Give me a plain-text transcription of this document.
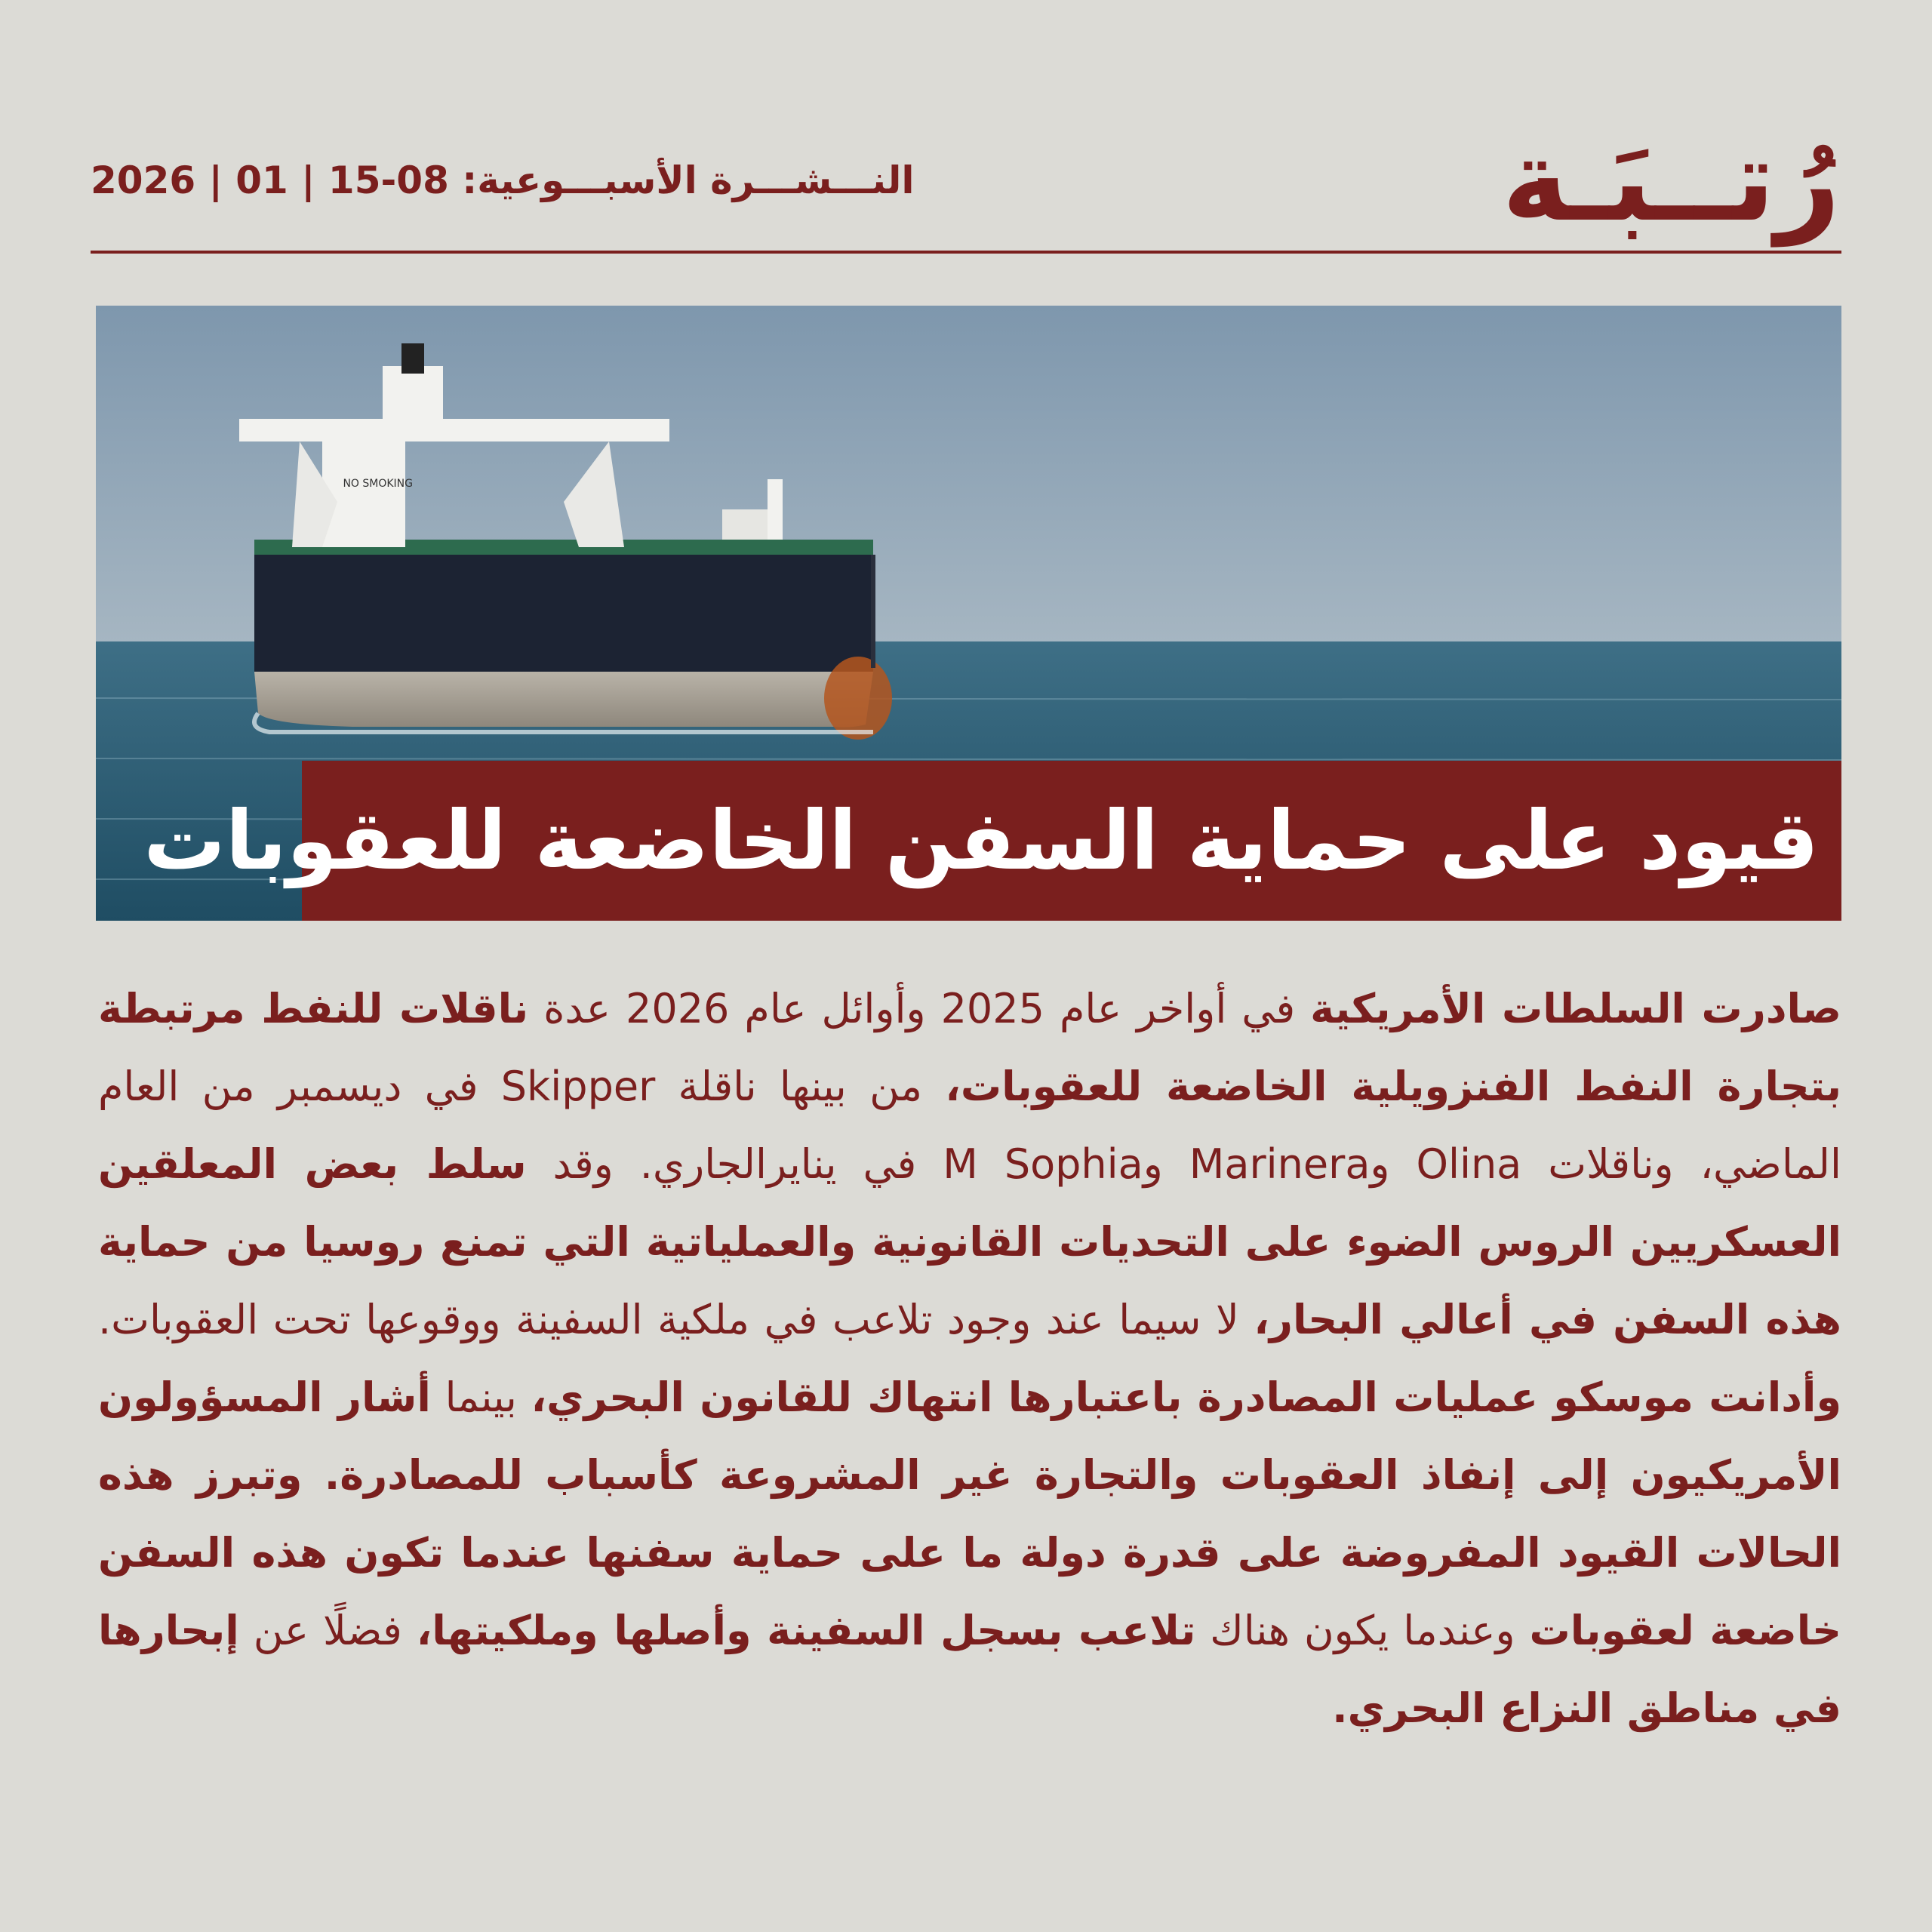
رُتــبَـة
النـــشـــرة الأسبـــوعية: 08-15 | 01 | 2026
NO SMOKING
قيود على حماية السفن الخاضعة للعقوبات
صادرت السلطات الأمريكية في أواخر عام 2025 وأوائل عام 2026 عدة ناقلات للنفط مرتبطة بتجارة النفط الفنزويلية الخاضعة للعقوبات، من بينها ناقلة Skipper في ديسمبر من العام الماضي، وناقلات Olina وMarinera وM Sophia في ينايرالجاري. وقد سلط بعض المعلقين العسكريين الروس الضوء على التحديات القانونية والعملياتية التي تمنع روسيا من حماية هذه السفن في أعالي البحار، لا سيما عند وجود تلاعب في ملكية السفينة ووقوعها تحت العقوبات. وأدانت موسكو عمليات المصادرة باعتبارها انتهاك للقانون البحري، بينما أشار المسؤولون الأمريكيون إلى إنفاذ العقوبات والتجارة غير المشروعة كأسباب للمصادرة. وتبرز هذه الحالات القيود المفروضة على قدرة دولة ما على حماية سفنها عندما تكون هذه السفن خاضعة لعقوبات وعندما يكون هناك تلاعب بسجل السفينة وأصلها وملكيتها، فضلًا عن إبحارها في مناطق النزاع البحري.
